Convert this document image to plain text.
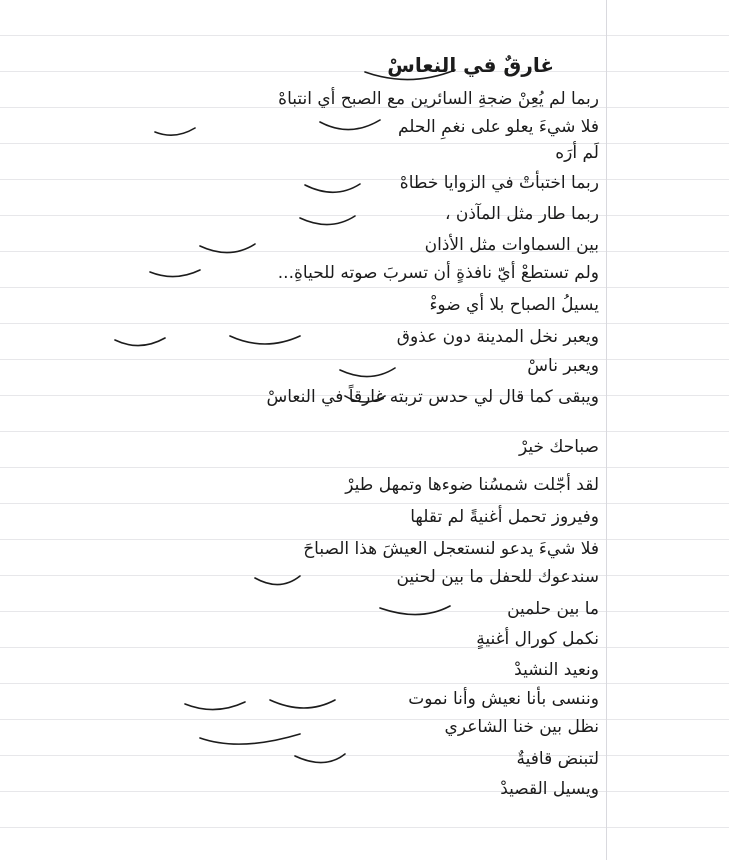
غارقٌ في النعاسْ
ربما لم يُعِنْ ضجةِ السائرين مع الصبح أي انتباهْ
فلا شيءَ يعلو على نغمِ الحلم
لَم أرَه
ربما اختبأتْ في الزوايا خطاهْ
ربما طار مثل المآذن ،
بين السماوات مثل الأذان
ولم تستطعْ أيّ نافذةٍ أن تسربَ صوته للحياةِ...
يسيلُ الصباح بلا أي ضوءْ
ويعبر نخل المدينة دون عذوق
ويعبر ناسْ
ويبقى كما قال لي حدس تربته غارقاً في النعاسْ
صباحك خيرْ
لقد أجّلت شمسُنا ضوءها وتمهل طيرْ
وفيروز تحمل أغنيةً لم تقلها
فلا شيءَ يدعو لنستعجل العيشَ هذا الصباحَ
سندعوك للحفل ما بين لحنين
ما بين حلمين
نكمل كورال أغنيةٍ
ونعيد النشيدْ
وننسى بأنا نعيش وأنا نموت
نظل بين خنا الشاعري
لتبنض قافيةٌ
ويسيل القصيدْ
